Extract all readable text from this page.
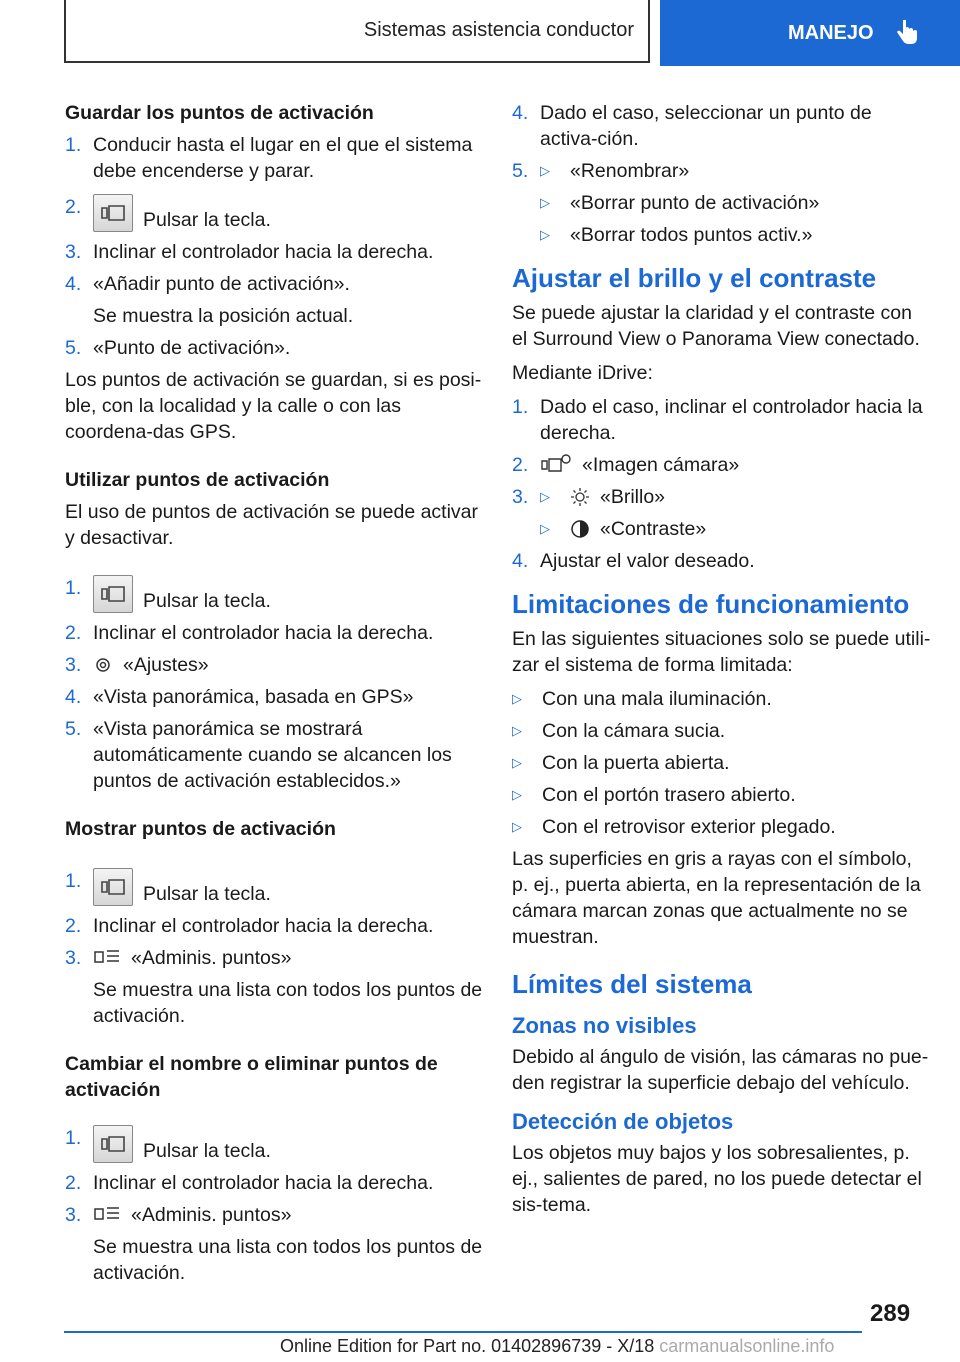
Sistemas asistencia conductor	MANEJO
Guardar los puntos de activación
1. Conducir hasta el lugar en el que el sistema debe encenderse y parar.
2.
Pulsar la tecla.
3. Inclinar el controlador hacia la derecha.
4. «Añadir punto de activación».
Se muestra la posición actual.
5. «Punto de activación».
Los puntos de activación se guardan, si es posi-ble, con la localidad y la calle o con las coordena-das GPS.
Utilizar puntos de activación
El uso de puntos de activación se puede activar y desactivar.
1.
Pulsar la tecla.
2. Inclinar el controlador hacia la derecha.
3.	«Ajustes»
4. «Vista panorámica, basada en GPS»
5. «Vista panorámica se mostrará automáticamente cuando se alcancen los puntos de activación establecidos.»
Mostrar puntos de activación
1.
Pulsar la tecla.
2. Inclinar el controlador hacia la derecha.
3.	«Adminis. puntos»
Se muestra una lista con todos los puntos de activación.
Cambiar el nombre o eliminar puntos de activación
1.
Pulsar la tecla.
2. Inclinar el controlador hacia la derecha.
3.	«Adminis. puntos»
Se muestra una lista con todos los puntos de activación.
4. Dado el caso, seleccionar un punto de activa-ción.
5. ▷	«Renombrar»
▷	«Borrar punto de activación»
▷	«Borrar todos puntos activ.»
Ajustar el brillo y el contraste
Se puede ajustar la claridad y el contraste con el Surround View o Panorama View conectado.
Mediante iDrive:
1. Dado el caso, inclinar el controlador hacia la derecha.
2.	«Imagen cámara»
3. ▷	«Brillo»
▷	«Contraste»
4. Ajustar el valor deseado.
Limitaciones de funcionamiento
En las siguientes situaciones solo se puede utili-zar el sistema de forma limitada:
▷	Con una mala iluminación.
▷	Con la cámara sucia.
▷	Con la puerta abierta.
▷	Con el portón trasero abierto.
▷	Con el retrovisor exterior plegado.
Las superficies en gris a rayas con el símbolo, p. ej., puerta abierta, en la representación de la cámara marcan zonas que actualmente no se muestran.
Límites del sistema
Zonas no visibles
Debido al ángulo de visión, las cámaras no pue-den registrar la superficie debajo del vehículo.
Detección de objetos
Los objetos muy bajos y los sobresalientes, p. ej., salientes de pared, no los puede detectar el sis-tema.
289
Online Edition for Part no. 01402896739 - X/18 carmanualsonline.info
